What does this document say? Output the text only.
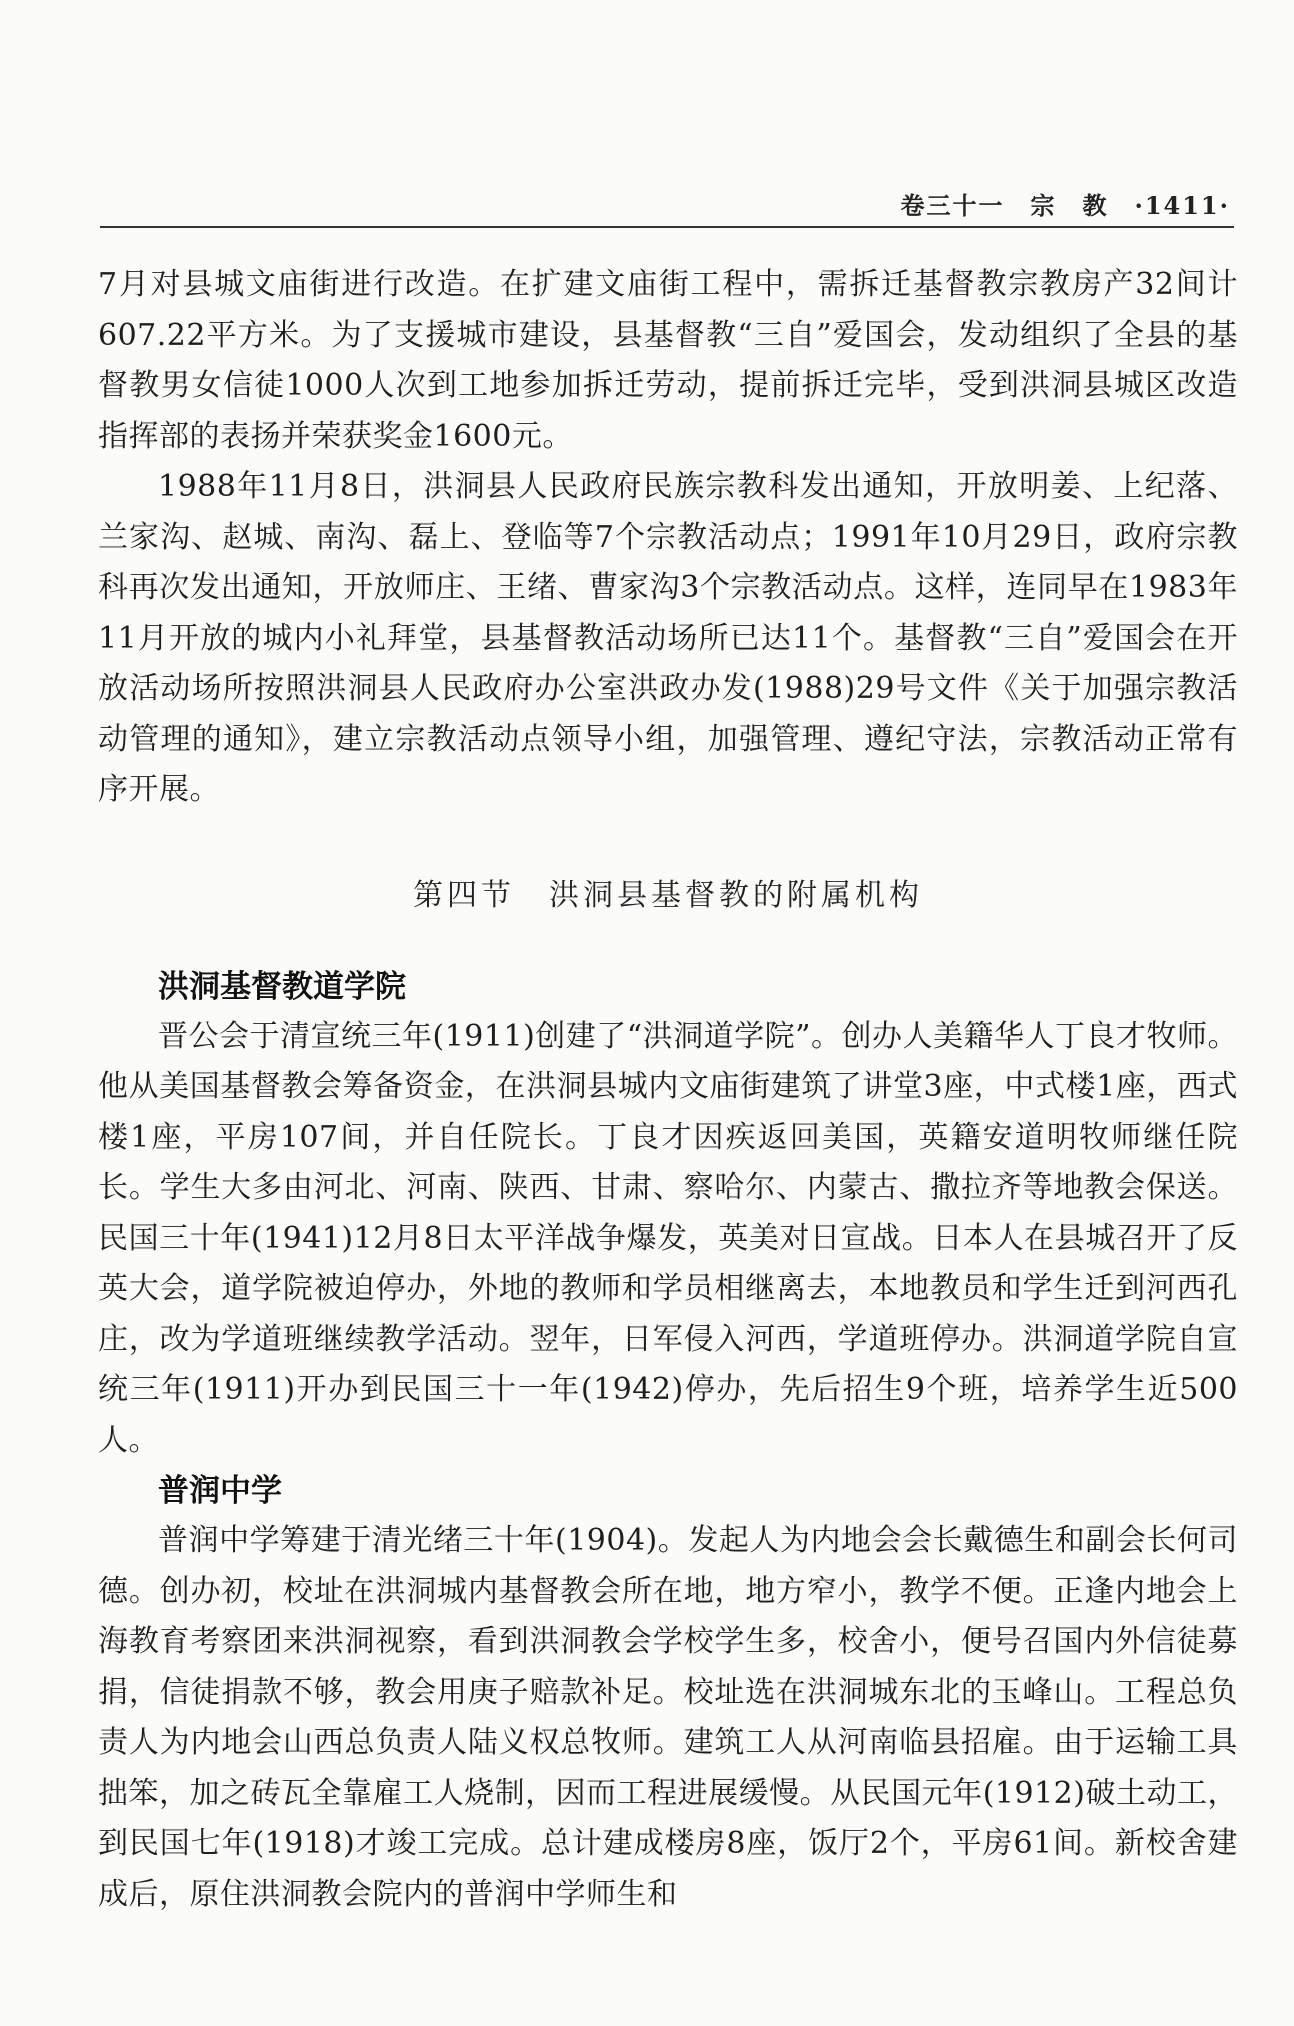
卷三十一　宗　教　·1411·

7月对县城文庙街进行改造。在扩建文庙街工程中，需拆迁基督教宗教房产32间计607.22平方米。为了支援城市建设，县基督教“三自”爱国会，发动组织了全县的基督教男女信徒1000人次到工地参加拆迁劳动，提前拆迁完毕，受到洪洞县城区改造指挥部的表扬并荣获奖金1600元。

1988年11月8日，洪洞县人民政府民族宗教科发出通知，开放明姜、上纪落、兰家沟、赵城、南沟、磊上、登临等7个宗教活动点；1991年10月29日，政府宗教科再次发出通知，开放师庄、王绪、曹家沟3个宗教活动点。这样，连同早在1983年11月开放的城内小礼拜堂，县基督教活动场所已达11个。基督教“三自”爱国会在开放活动场所按照洪洞县人民政府办公室洪政办发(1988)29号文件《关于加强宗教活动管理的通知》，建立宗教活动点领导小组，加强管理、遵纪守法，宗教活动正常有序开展。

第四节　洪洞县基督教的附属机构
洪洞基督教道学院

晋公会于清宣统三年(1911)创建了“洪洞道学院”。创办人美籍华人丁良才牧师。他从美国基督教会筹备资金，在洪洞县城内文庙街建筑了讲堂3座，中式楼1座，西式楼1座，平房107间，并自任院长。丁良才因疾返回美国，英籍安道明牧师继任院长。学生大多由河北、河南、陕西、甘肃、察哈尔、内蒙古、撒拉齐等地教会保送。民国三十年(1941)12月8日太平洋战争爆发，英美对日宣战。日本人在县城召开了反英大会，道学院被迫停办，外地的教师和学员相继离去，本地教员和学生迁到河西孔庄，改为学道班继续教学活动。翌年，日军侵入河西，学道班停办。洪洞道学院自宣统三年(1911)开办到民国三十一年(1942)停办，先后招生9个班，培养学生近500人。

普润中学

普润中学筹建于清光绪三十年(1904)。发起人为内地会会长戴德生和副会长何司德。创办初，校址在洪洞城内基督教会所在地，地方窄小，教学不便。正逢内地会上海教育考察团来洪洞视察，看到洪洞教会学校学生多，校舍小，便号召国内外信徒募捐，信徒捐款不够，教会用庚子赔款补足。校址选在洪洞城东北的玉峰山。工程总负责人为内地会山西总负责人陆义权总牧师。建筑工人从河南临县招雇。由于运输工具拙笨，加之砖瓦全靠雇工人烧制，因而工程进展缓慢。从民国元年(1912)破土动工，到民国七年(1918)才竣工完成。总计建成楼房8座，饭厅2个，平房61间。新校舍建成后，原住洪洞教会院内的普润中学师生和
